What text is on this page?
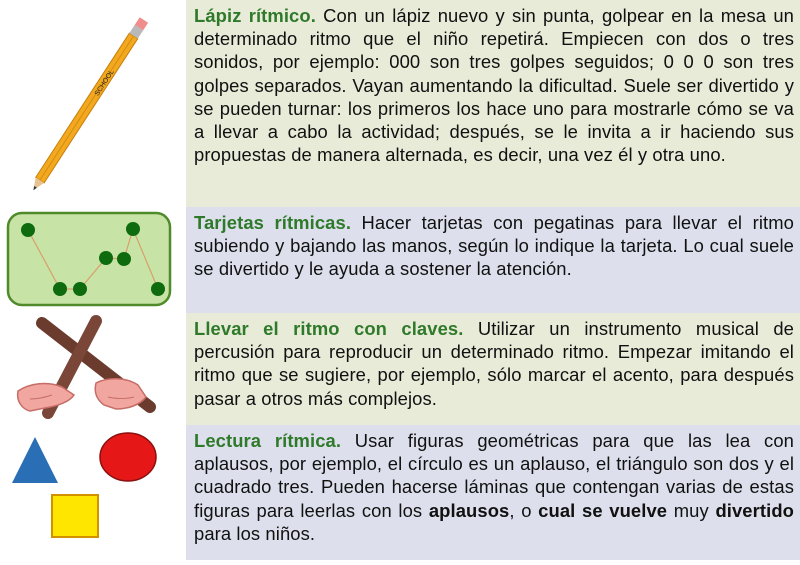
SCHOOL
Lápiz rítmico. Con un lápiz nuevo y sin punta, golpear en la mesa un determinado ritmo que el niño repetirá. Empiecen con dos o tres sonidos, por ejemplo: 000 son tres golpes seguidos; 0 0 0 son tres golpes separados. Vayan aumentando la dificultad. Suele ser divertido y se pueden turnar: los primeros los hace uno para mostrarle cómo se va a llevar a cabo la actividad; después, se le invita a ir haciendo sus propuestas de manera alternada, es decir, una vez él y otra uno.
Tarjetas rítmicas. Hacer tarjetas con pegatinas para llevar el ritmo subiendo y bajando las manos, según lo indique la tarjeta. Lo cual suele se divertido y le ayuda a sostener la atención.
Llevar el ritmo con claves. Utilizar un instrumento musical de percusión para reproducir un determinado ritmo. Empezar imitando el ritmo que se sugiere, por ejemplo, sólo marcar el acento, para después pasar a otros más complejos.
Lectura rítmica. Usar figuras geométricas para que las lea con aplausos, por ejemplo, el círculo es un aplauso, el triángulo son dos y el cuadrado tres. Pueden hacerse láminas que contengan varias de estas figuras para leerlas con los aplausos, o cual se vuelve muy divertido para los niños.
